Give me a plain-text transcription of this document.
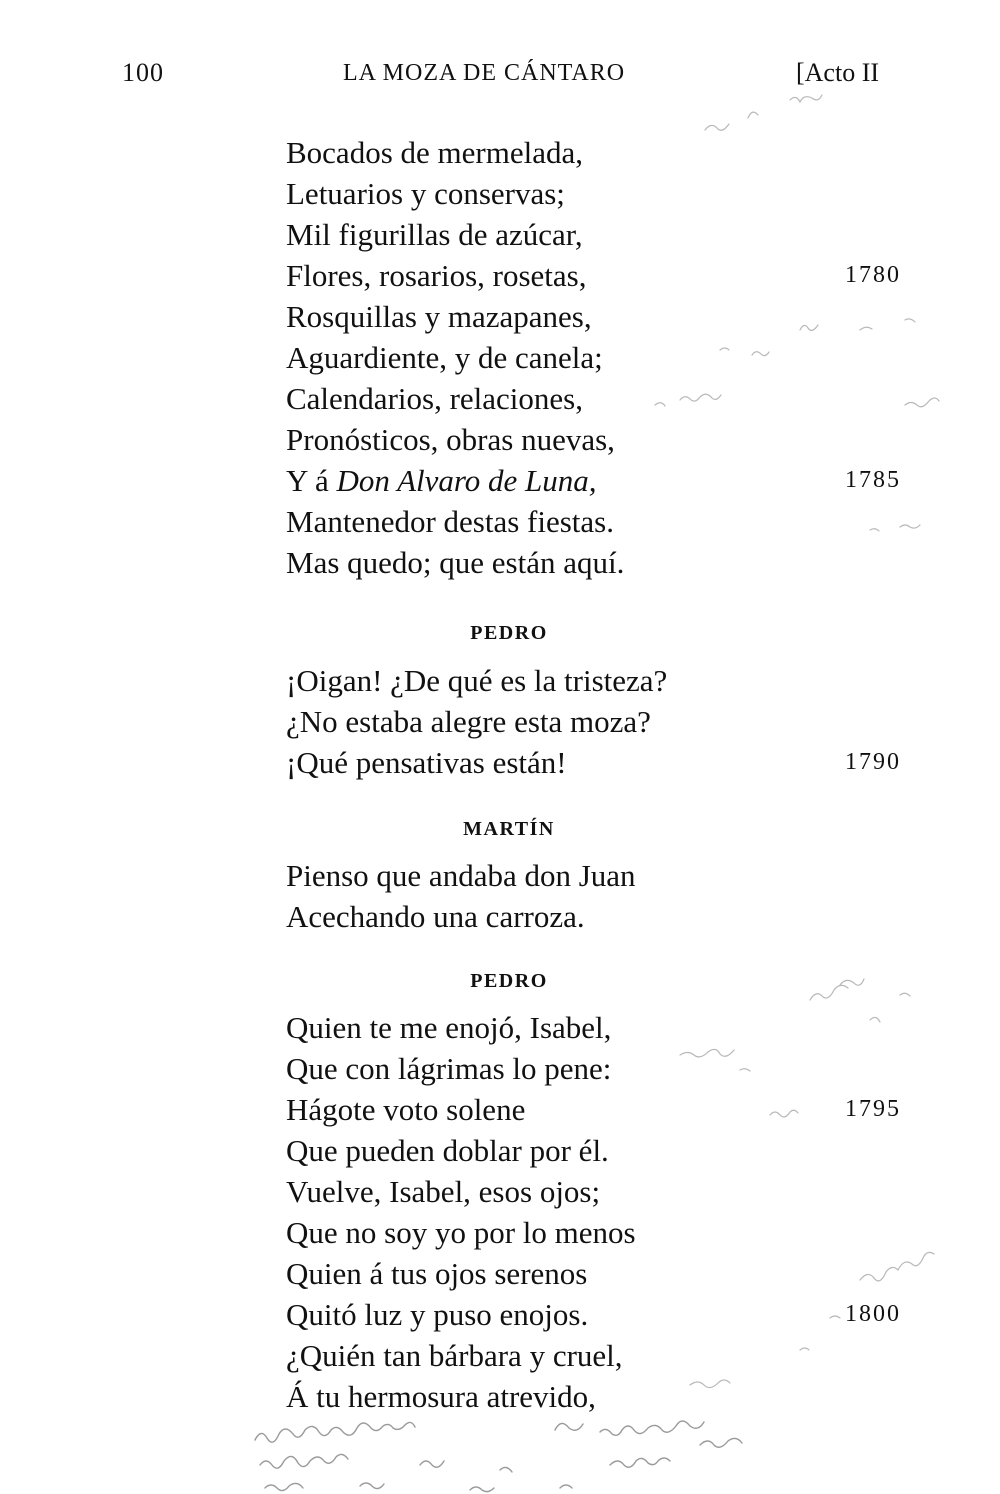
100	LA MOZA DE CÁNTARO	[Acto II
Bocados de mermelada,
Letuarios y conservas;
Mil figurillas de azúcar,
Flores, rosarios, rosetas,	1780
Rosquillas y mazapanes,
Aguardiente, y de canela;
Calendarios, relaciones,
Pronósticos, obras nuevas,
Y á Don Alvaro de Luna,	1785
Mantenedor destas fiestas.
Mas quedo; que están aquí.
PEDRO
¡Oigan! ¿De qué es la tristeza?
¿No estaba alegre esta moza?
¡Qué pensativas están!	1790
MARTÍN
Pienso que andaba don Juan
Acechando una carroza.
PEDRO
Quien te me enojó, Isabel,
Que con lágrimas lo pene:
Hágote voto solene	1795
Que pueden doblar por él.
Vuelve, Isabel, esos ojos;
Que no soy yo por lo menos
Quien á tus ojos serenos
Quitó luz y puso enojos.	1800
¿Quién tan bárbara y cruel,
Á tu hermosura atrevido,
